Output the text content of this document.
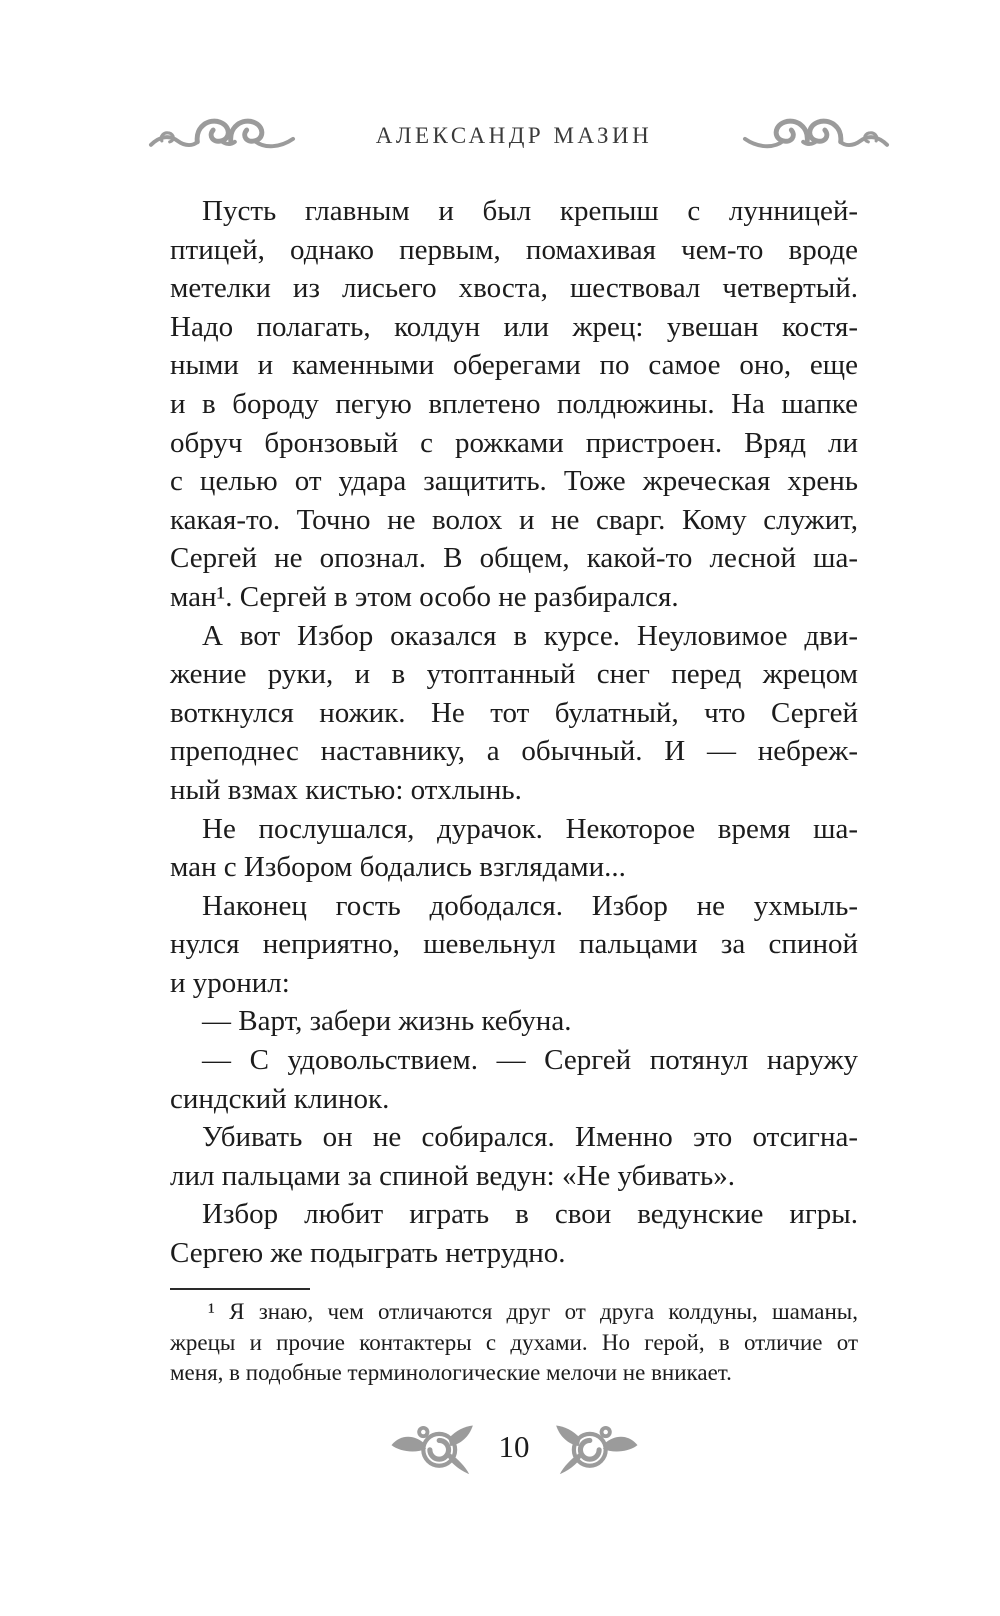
АЛЕКСАНДР МАЗИН

Пусть главным и был крепыш с лунницей-
птицей, однако первым, помахивая чем-то вроде
метелки из лисьего хвоста, шествовал четвертый.
Надо полагать, колдун или жрец: увешан костя-
ными и каменными оберегами по самое оно, еще
и в бороду пегую вплетено полдюжины. На шапке
обруч бронзовый с рожками пристроен. Вряд ли
с целью от удара защитить. Тоже жреческая хрень
какая-то. Точно не волох и не сварг. Кому служит,
Сергей не опознал. В общем, какой-то лесной ша-
ман¹. Сергей в этом особо не разбирался.

А вот Избор оказался в курсе. Неуловимое дви-
жение руки, и в утоптанный снег перед жрецом
воткнулся ножик. Не тот булатный, что Сергей
преподнес наставнику, а обычный. И — небреж-
ный взмах кистью: отхлынь.

Не послушался, дурачок. Некоторое время ша-
ман с Избором бодались взглядами...

Наконец гость дободался. Избор не ухмыль-
нулся неприятно, шевельнул пальцами за спиной
и уронил:

— Варт, забери жизнь кебуна.

— С удовольствием. — Сергей потянул наружу
синдский клинок.

Убивать он не собирался. Именно это отсигна-
лил пальцами за спиной ведун: «Не убивать».

Избор любит играть в свои ведунские игры.
Сергею же подыграть нетрудно.

¹ Я знаю, чем отличаются друг от друга колдуны, шаманы,
жрецы и прочие контактеры с духами. Но герой, в отличие от
меня, в подобные терминологические мелочи не вникает.

10
